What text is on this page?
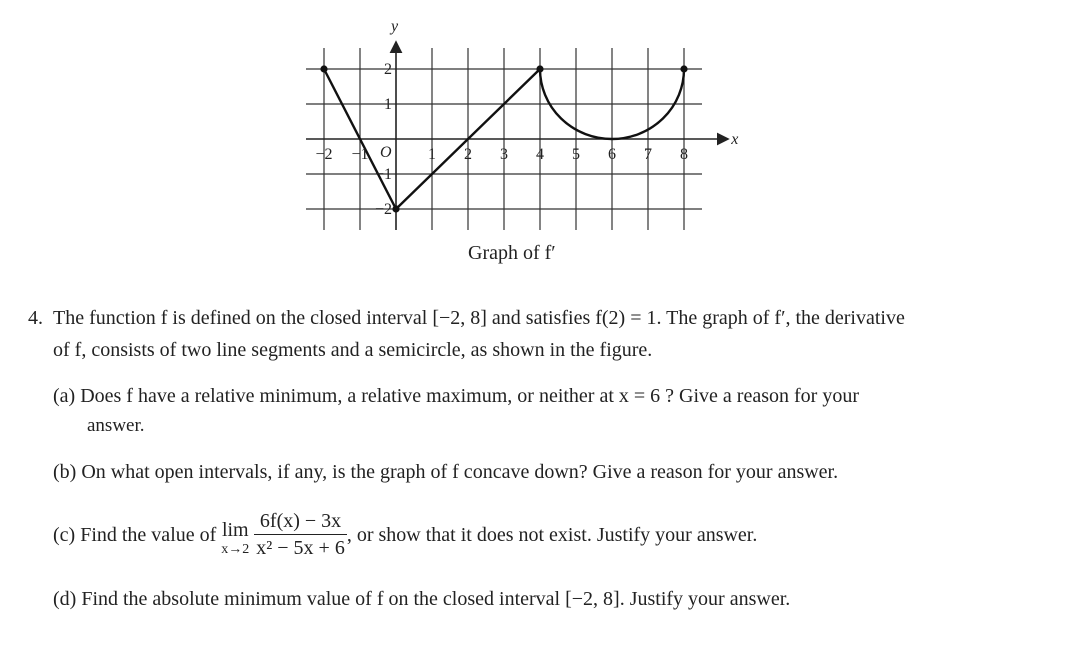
−2 −1	1 2 3 4 5 6 7 8
2
1
−1
−2
O
x
y
Graph of f′
4. The function f is defined on the closed interval [−2, 8] and satisfies f(2) = 1. The graph of f′, the derivative
of f, consists of two line segments and a semicircle, as shown in the figure.
(a) Does f have a relative minimum, a relative maximum, or neither at x = 6 ? Give a reason for your
answer.
(b) On what open intervals, if any, is the graph of f concave down? Give a reason for your answer.
(c) Find the value of lim
x→2
$\frac{6f(x) - 3x}{\text{x² − 5x + 6}}$ , or show that it does not exist. Justify your answer.
(d) Find the absolute minimum value of f on the closed interval [−2, 8]. Justify your answer.
